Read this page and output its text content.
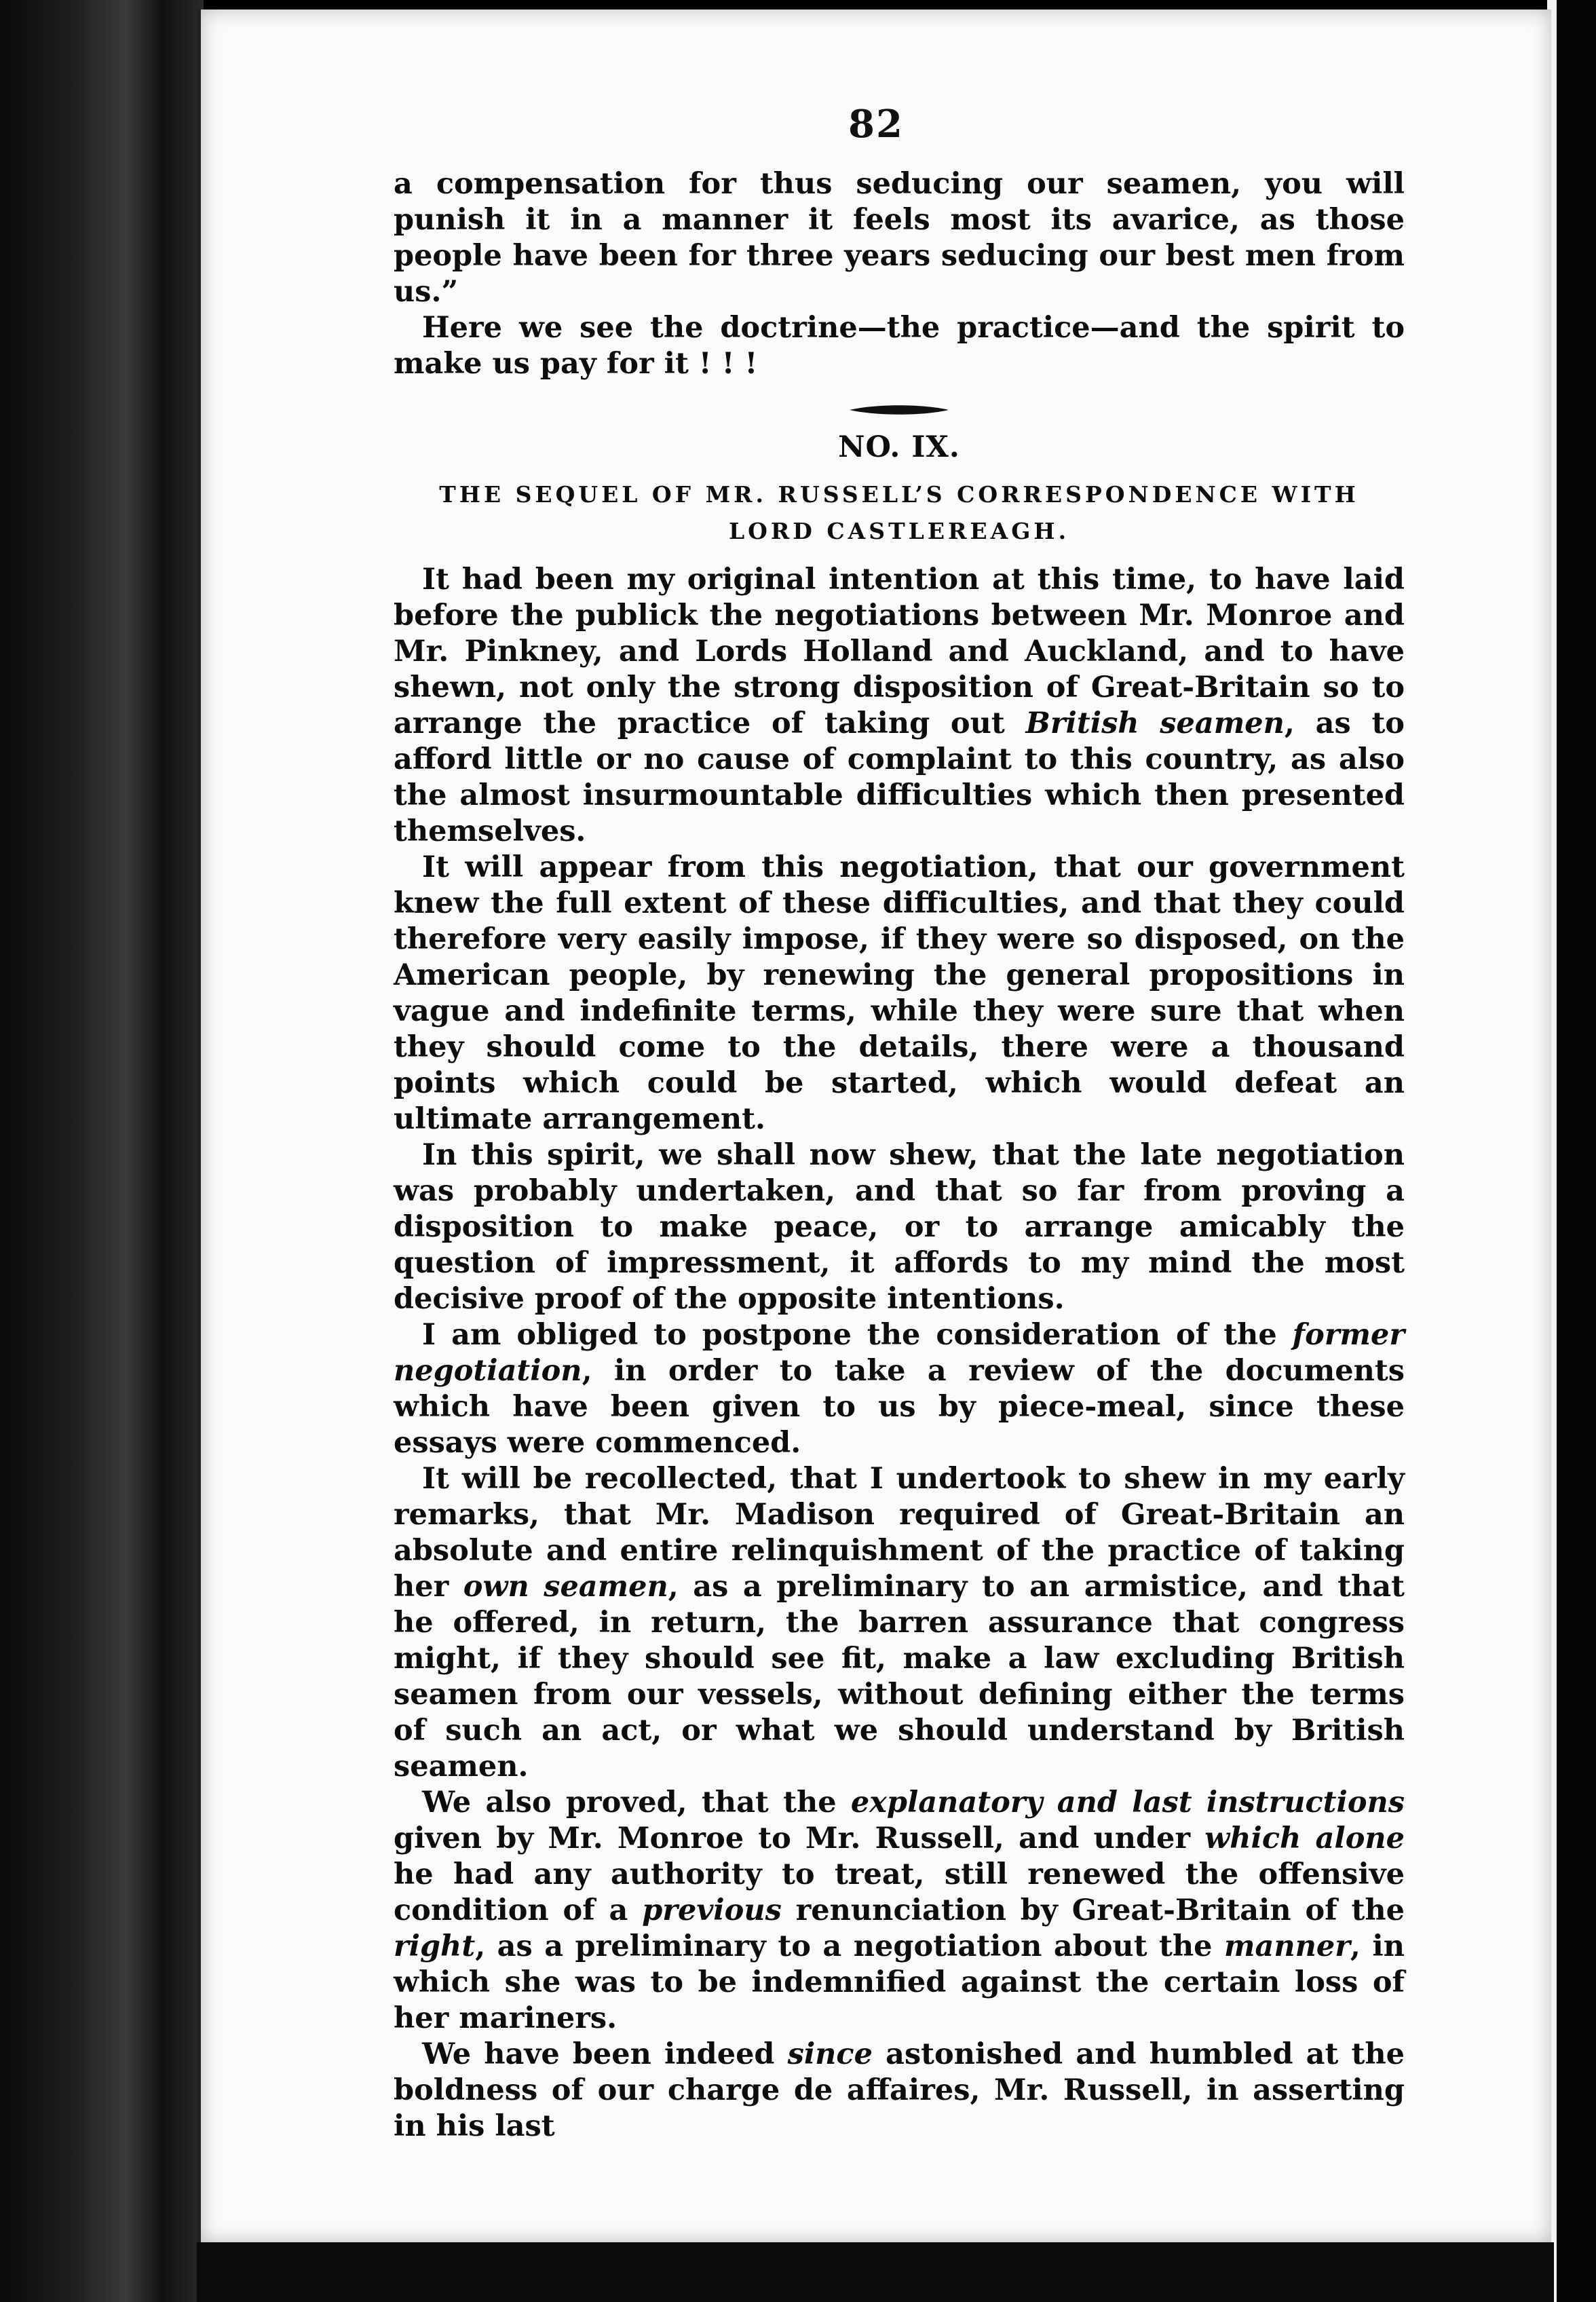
82

a compensation for thus seducing our seamen, you will punish it in a manner it feels most its avarice, as those people have been for three years seducing our best men from us.”

Here we see the doctrine—the practice—and the spirit to make us pay for it ! ! !

NO. IX.
THE SEQUEL OF MR. RUSSELL’S CORRESPONDENCE WITH LORD CASTLEREAGH.

It had been my original intention at this time, to have laid before the publick the negotiations between Mr. Monroe and Mr. Pinkney, and Lords Holland and Auckland, and to have shewn, not only the strong disposition of Great-Britain so to arrange the practice of taking out British seamen, as to afford little or no cause of complaint to this country, as also the almost insurmountable difficulties which then presented themselves.

It will appear from this negotiation, that our government knew the full extent of these difficulties, and that they could therefore very easily impose, if they were so disposed, on the American people, by renewing the general propositions in vague and indefinite terms, while they were sure that when they should come to the details, there were a thousand points which could be started, which would defeat an ultimate arrangement.

In this spirit, we shall now shew, that the late negotiation was probably undertaken, and that so far from proving a disposition to make peace, or to arrange amicably the question of impressment, it affords to my mind the most decisive proof of the opposite intentions.

I am obliged to postpone the consideration of the former negotiation, in order to take a review of the documents which have been given to us by piece-meal, since these essays were commenced.

It will be recollected, that I undertook to shew in my early remarks, that Mr. Madison required of Great-Britain an absolute and entire relinquishment of the practice of taking her own seamen, as a preliminary to an armistice, and that he offered, in return, the barren assurance that congress might, if they should see fit, make a law excluding British seamen from our vessels, without defining either the terms of such an act, or what we should understand by British seamen.

We also proved, that the explanatory and last instructions given by Mr. Monroe to Mr. Russell, and under which alone he had any authority to treat, still renewed the offensive condition of a previous renunciation by Great-Britain of the right, as a preliminary to a negotiation about the manner, in which she was to be indemnified against the certain loss of her mariners.

We have been indeed since astonished and humbled at the boldness of our charge de affaires, Mr. Russell, in asserting in his last
